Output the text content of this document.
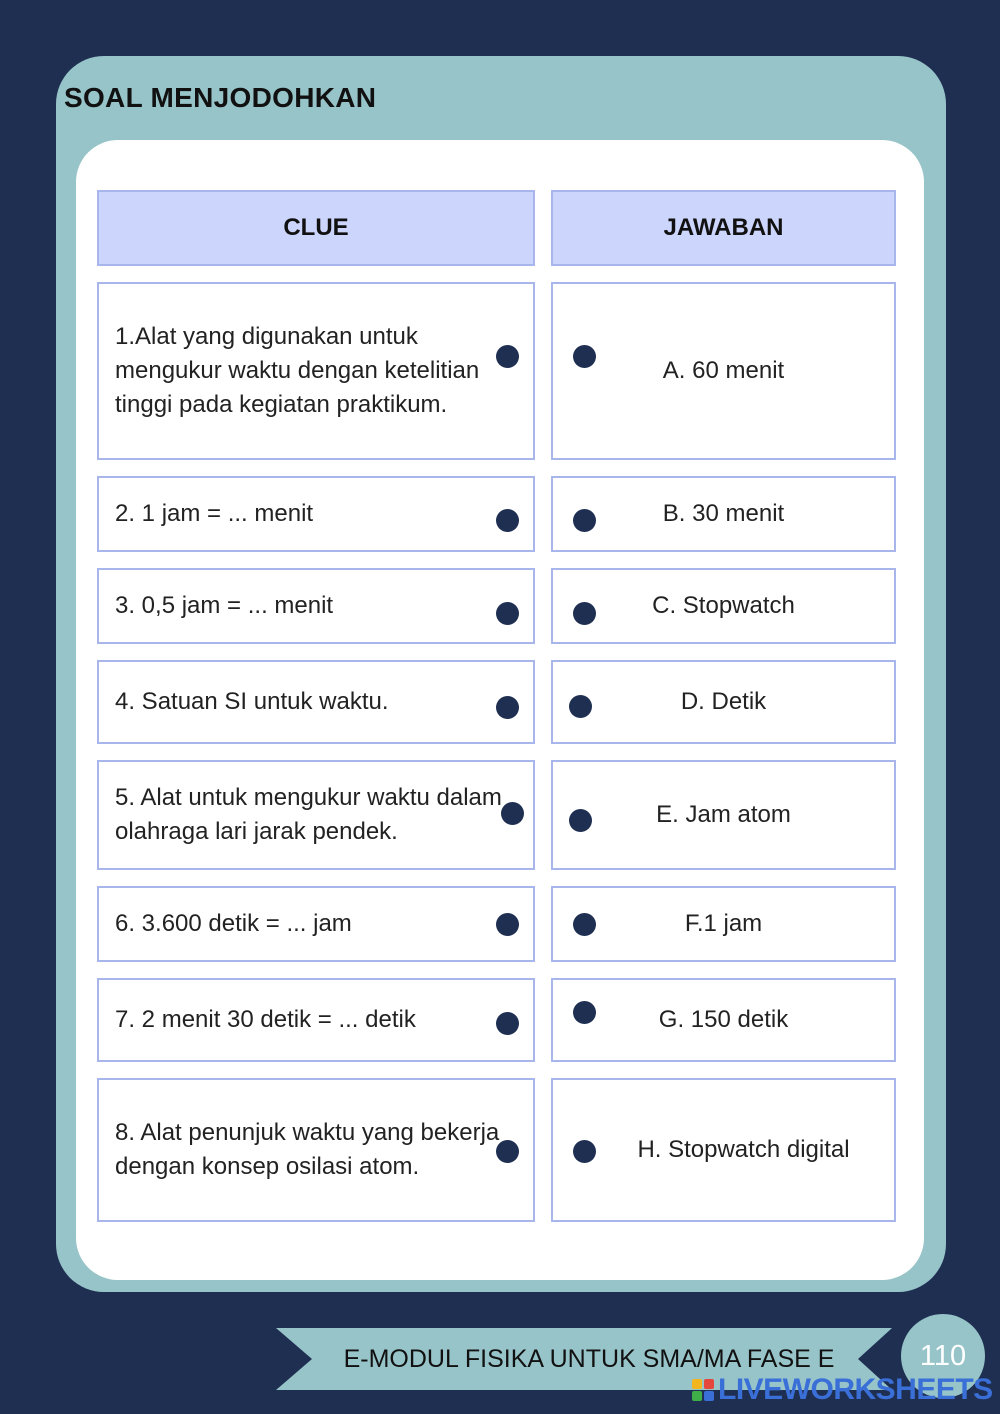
SOAL MENJODOHKAN
CLUE	JAWABAN
1.Alat yang digunakan untuk mengukur waktu dengan ketelitian tinggi pada kegiatan praktikum.
2. 1 jam = ... menit
3. 0,5 jam = ... menit
4. Satuan SI untuk waktu.
5. Alat untuk mengukur waktu dalam olahraga lari jarak pendek.
6. 3.600 detik = ... jam
7. 2 menit 30 detik = ... detik
8. Alat penunjuk waktu yang bekerja dengan konsep osilasi atom.
A. 60 menit
B. 30 menit
C. Stopwatch
D. Detik
E. Jam atom
F.1 jam
G. 150 detik
H. Stopwatch digital
E-MODUL FISIKA UNTUK SMA/MA FASE E	110
LIVEWORKSHEETS
